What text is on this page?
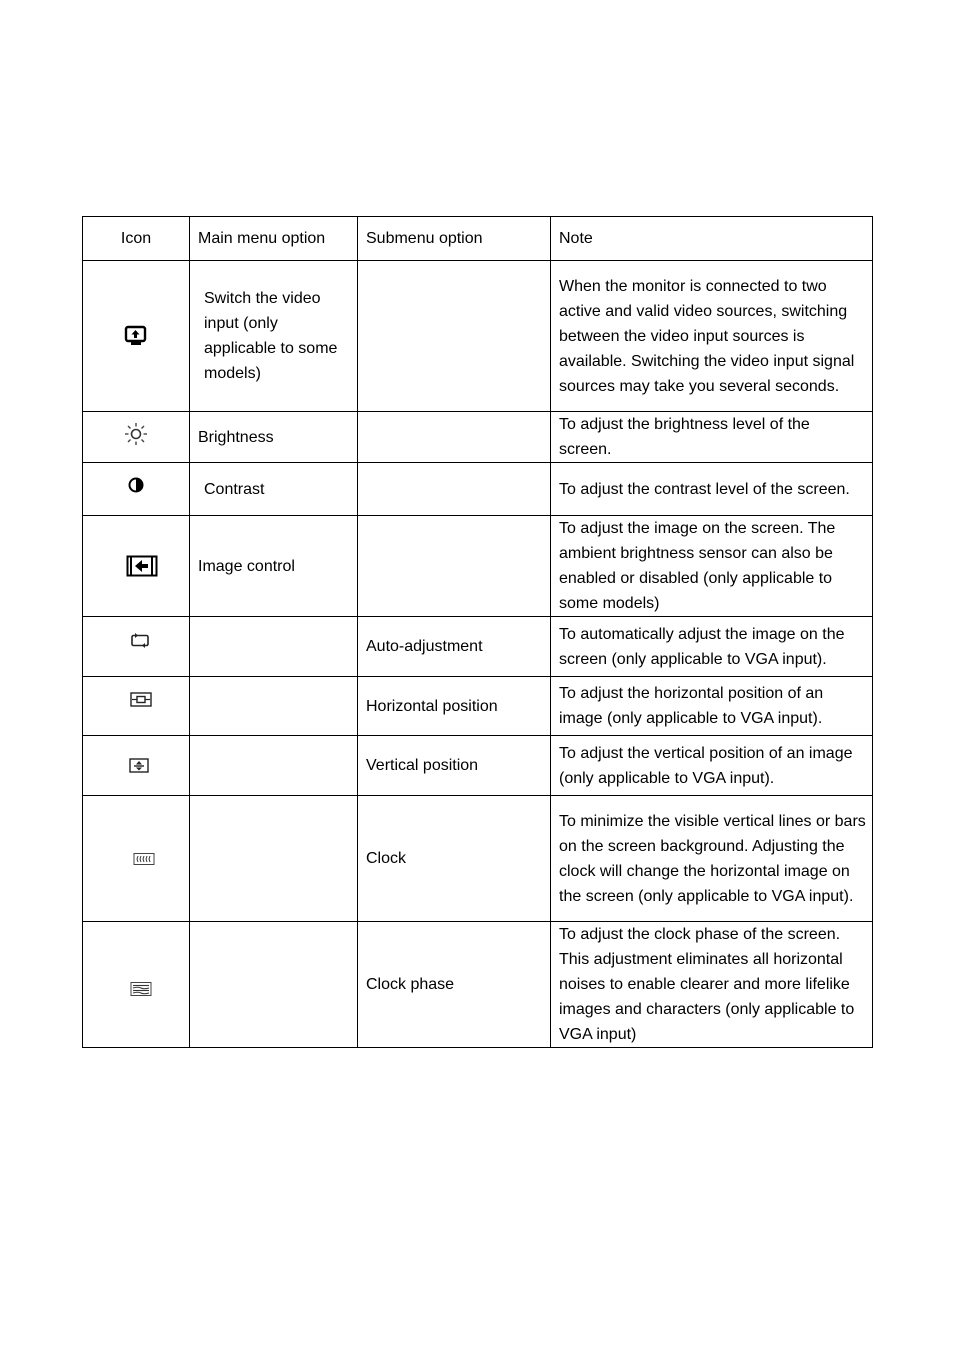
Icon	Main menu option	Submenu option	Note

	Switch the video input (only applicable to some models)		When the monitor is connected to two active and valid video sources, switching between the video input sources is available. Switching the video input signal sources may take you several seconds.

	Brightness		To adjust the brightness level of the screen.

	Contrast		To adjust the contrast level of the screen.

	Image control		To adjust the image on the screen. The ambient brightness sensor can also be enabled or disabled (only applicable to some models)

		Auto-adjustment	To automatically adjust the image on the screen (only applicable to VGA input).

		Horizontal position	To adjust the horizontal position of an image (only applicable to VGA input).

		Vertical position	To adjust the vertical position of an image (only applicable to VGA input).

		Clock	To minimize the visible vertical lines or bars on the screen background. Adjusting the clock will change the horizontal image on the screen (only applicable to VGA input).

		Clock phase	To adjust the clock phase of the screen. This adjustment eliminates all horizontal noises to enable clearer and more lifelike images and characters (only applicable to VGA input)
